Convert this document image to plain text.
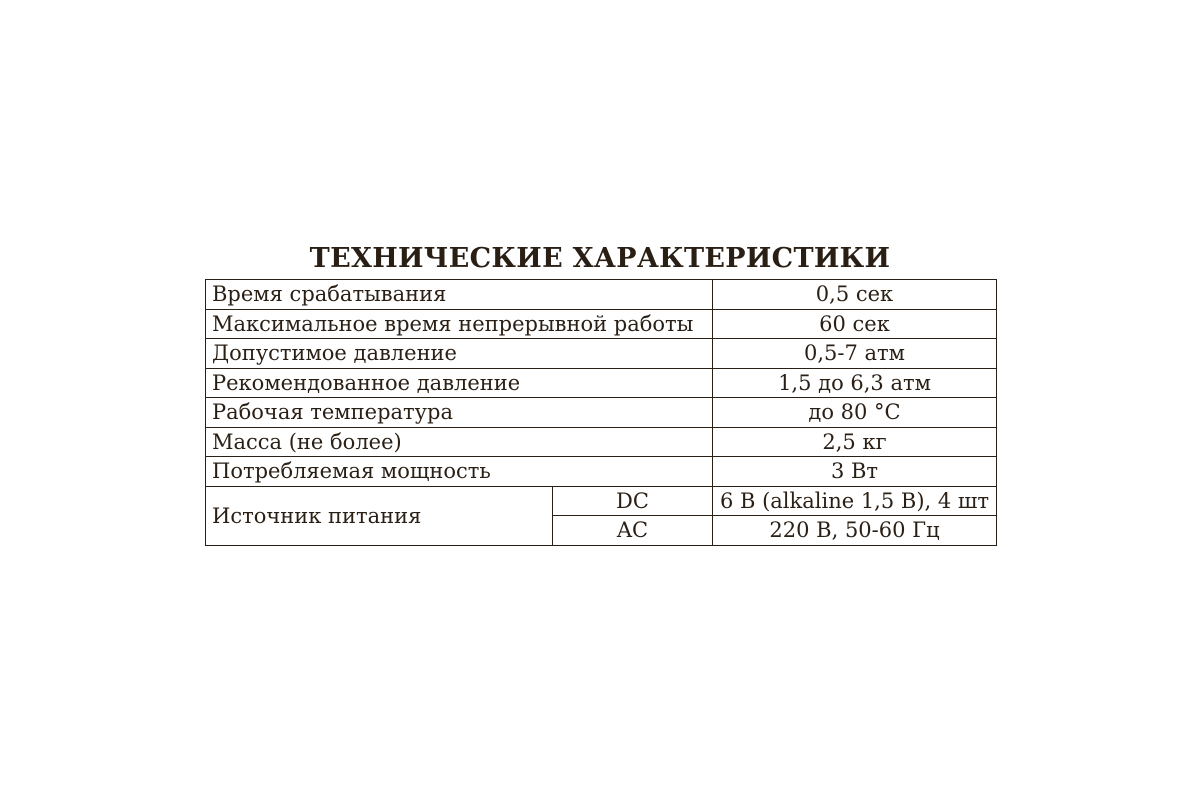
ТЕХНИЧЕСКИЕ ХАРАКТЕРИСТИКИ
Время срабатывания		0,5 сек
Максимальное время непрерывной работы		60 сек
Допустимое давление		0,5-7 атм
Рекомендованное давление		1,5 до 6,3 атм
Рабочая температура		до 80 °C
Масса (не более)		2,5 кг
Потребляемая мощность		3 Вт
Источник питания	DC	6 В (alkaline 1,5 В), 4 шт
	AC	220 В, 50-60 Гц
